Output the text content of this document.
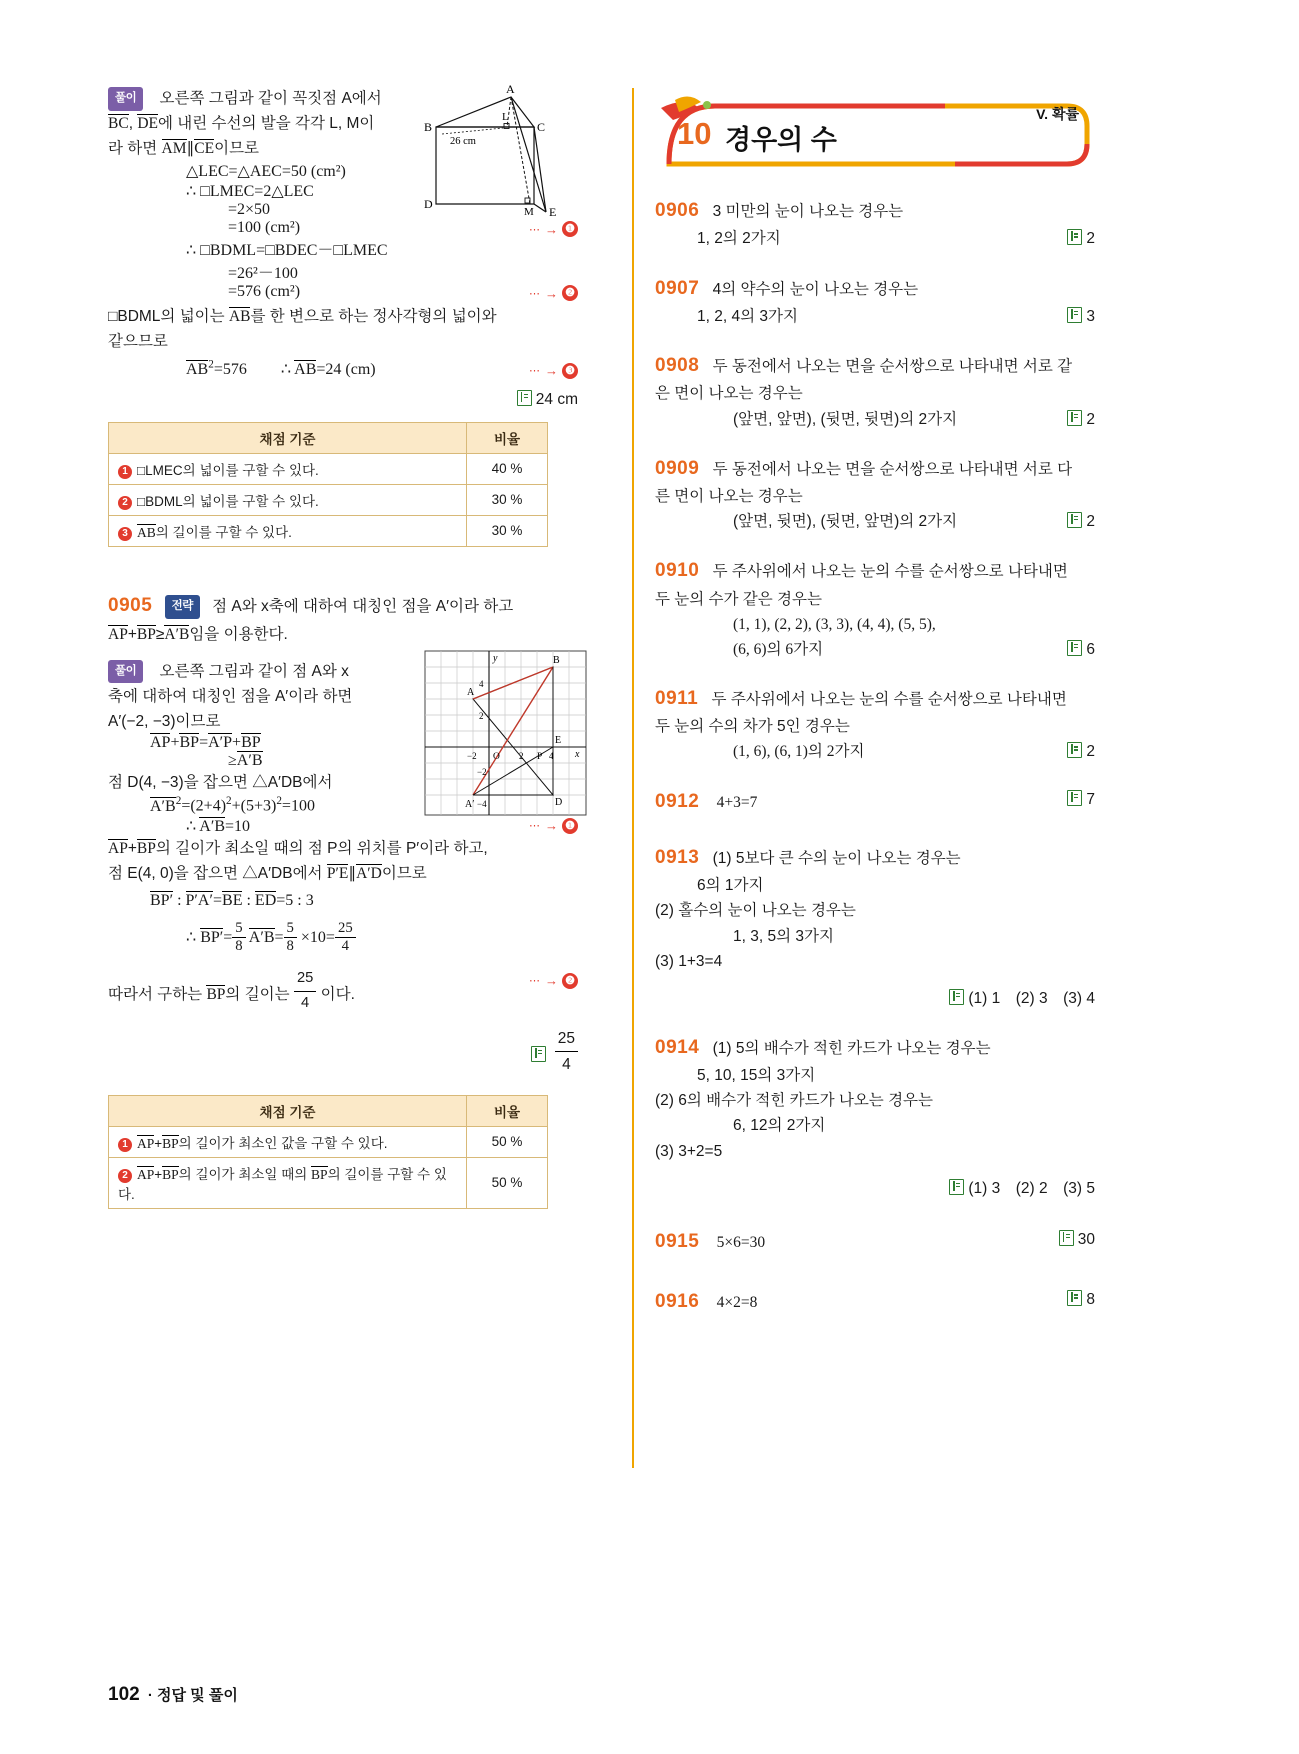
A
B	C
D
E
L
M
26 cm
풀이 오른쪽 그림과 같이 꼭짓점 A에서
BC, DE에 내린 수선의 발을 각각 L, M이
라 하면 AM∥CE이므로
△LEC=△AEC=50 (cm²)
∴ □LMEC=2△LEC
=2×50
=100 (cm²)	⋯ → ❶
∴ □BDML=□BDEC－□LMEC
=26²－100
=576 (cm²)	⋯ → ❷
□BDML의 넓이는 AB를 한 변으로 하는 정사각형의 넓이와
같으므로
$AB^2=576$ ∴ AB=24 (cm)	⋯ → ❸
24 cm
채점 기준	비율
1 □LMEC의 넓이를 구할 수 있다.	40 %
2 □BDML의 넓이를 구할 수 있다.	30 %
3 AB의 길이를 구할 수 있다.	30 %
0905 전략 점 A와 x축에 대하여 대칭인 점을 A′이라 하고
AP+BP≥A′B임을 이용한다.
A
B
A′	D
E
O	P	x
y
2
4
−2
−4
−2	2	4
풀이 오른쪽 그림과 같이 점 A와 x
축에 대하여 대칭인 점을 A′이라 하면
A′(−2, −3)이므로
AP+BP=A′P+BP
≥A′B
점 D(4, −3)을 잡으면 △A′DB에서
$A'B^2=(2+4)^2+(5+3)^2=100$
∴ A′B=10	⋯ → ❶
AP+BP의 길이가 최소일 때의 점 P의 위치를 P′이라 하고,
점 E(4, 0)을 잡으면 △A′DB에서 P′E∥A′D이므로
BP′ : P′A′=BE : ED=5 : 3
∴ $BP'= \frac{5}{8} A'B= \frac{5}{8} \times 10= \frac{25}{4}$
따라서 구하는 BP의 길이는 $\frac{25}{4}$ 이다.
⋯ → ❷

$\frac{25}{4}$
채점 기준	비율
1 AP+BP의 길이가 최소인 값을 구할 수 있다.	50 %
2 AP+BP의 길이가 최소일 때의 BP의 길이를 구할 수 있다.	50 %
10 경우의 수
V. 확률
0906 3 미만의 눈이 나오는 경우는
1, 2의 2가지	2
0907 4의 약수의 눈이 나오는 경우는
1, 2, 4의 3가지	3
0908 두 동전에서 나오는 면을 순서쌍으로 나타내면 서로 같
은 면이 나오는 경우는
(앞면, 앞면), (뒷면, 뒷면)의 2가지	2
0909 두 동전에서 나오는 면을 순서쌍으로 나타내면 서로 다
른 면이 나오는 경우는
(앞면, 뒷면), (뒷면, 앞면)의 2가지	2
0910 두 주사위에서 나오는 눈의 수를 순서쌍으로 나타내면
두 눈의 수가 같은 경우는
(1, 1), (2, 2), (3, 3), (4, 4), (5, 5),
(6, 6)의 6가지	6
0911 두 주사위에서 나오는 눈의 수를 순서쌍으로 나타내면
두 눈의 수의 차가 5인 경우는
(1, 6), (6, 1)의 2가지	2
0912 4+3=7	7
0913 (1) 5보다 큰 수의 눈이 나오는 경우는
6의 1가지
(2) 홀수의 눈이 나오는 경우는
1, 3, 5의 3가지
(3) 1+3=4
(1) 1　(2) 3　(3) 4
0914 (1) 5의 배수가 적힌 카드가 나오는 경우는
5, 10, 15의 3가지
(2) 6의 배수가 적힌 카드가 나오는 경우는
6, 12의 2가지
(3) 3+2=5
(1) 3　(2) 2　(3) 5
0915 5×6=30	30
0916 4×2=8	8
102 · 정답 및 풀이
